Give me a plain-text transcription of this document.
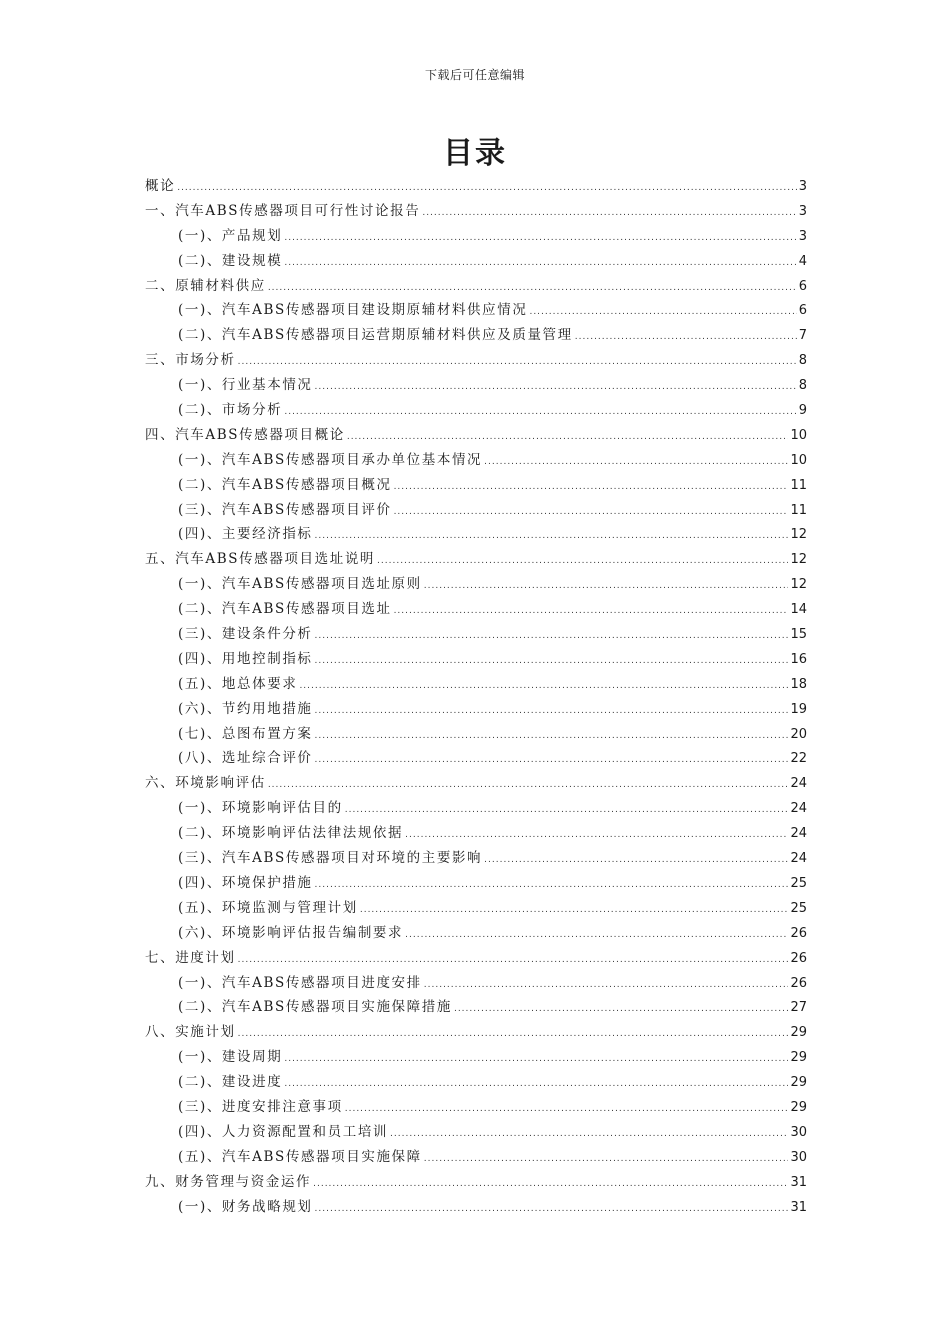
下载后可任意编辑
目录
概论 .....	3
一、汽车ABS传感器项目可行性讨论报告 .....	3
(一)、产品规划 .....	3
(二)、建设规模 .....	4
二、原辅材料供应 .....	6
(一)、汽车ABS传感器项目建设期原辅材料供应情况 .....	6
(二)、汽车ABS传感器项目运营期原辅材料供应及质量管理 .....	7
三、市场分析 .....	8
(一)、行业基本情况 .....	8
(二)、市场分析 .....	9
四、汽车ABS传感器项目概论 .....	10
(一)、汽车ABS传感器项目承办单位基本情况 .....	10
(二)、汽车ABS传感器项目概况 .....	11
(三)、汽车ABS传感器项目评价 .....	11
(四)、主要经济指标 .....	12
五、汽车ABS传感器项目选址说明 .....	12
(一)、汽车ABS传感器项目选址原则 .....	12
(二)、汽车ABS传感器项目选址 .....	14
(三)、建设条件分析 .....	15
(四)、用地控制指标 .....	16
(五)、地总体要求 .....	18
(六)、节约用地措施 .....	19
(七)、总图布置方案 .....	20
(八)、选址综合评价 .....	22
六、环境影响评估 .....	24
(一)、环境影响评估目的 .....	24
(二)、环境影响评估法律法规依据 .....	24
(三)、汽车ABS传感器项目对环境的主要影响 .....	24
(四)、环境保护措施 .....	25
(五)、环境监测与管理计划 .....	25
(六)、环境影响评估报告编制要求 .....	26
七、进度计划 .....	26
(一)、汽车ABS传感器项目进度安排 .....	26
(二)、汽车ABS传感器项目实施保障措施 .....	27
八、实施计划 .....	29
(一)、建设周期 .....	29
(二)、建设进度 .....	29
(三)、进度安排注意事项 .....	29
(四)、人力资源配置和员工培训 .....	30
(五)、汽车ABS传感器项目实施保障 .....	30
九、财务管理与资金运作 .....	31
(一)、财务战略规划 .....	31
